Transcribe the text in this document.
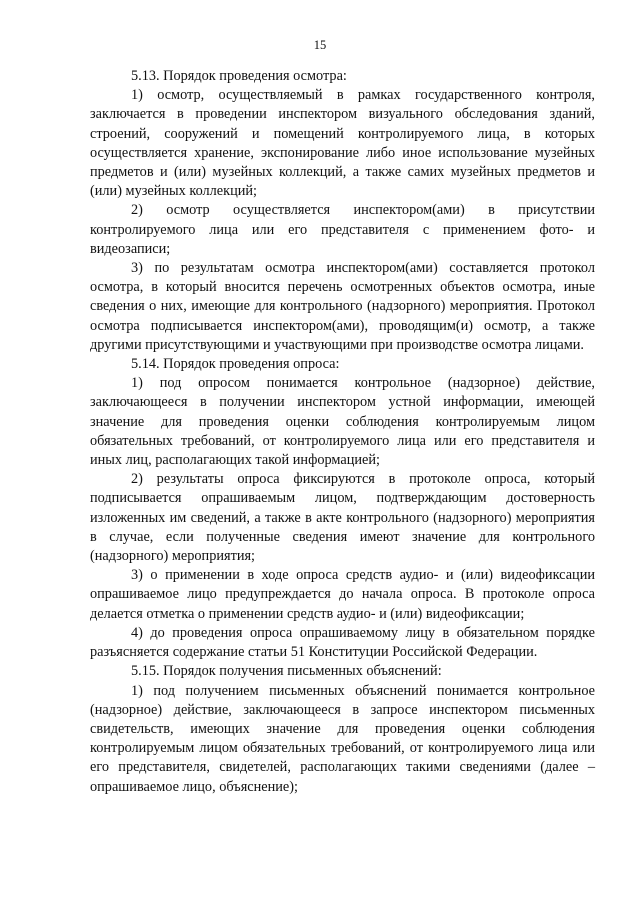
15

5.13. Порядок проведения осмотра:

1) осмотр, осуществляемый в рамках государственного контроля, заключается в проведении инспектором визуального обследования зданий, строений, сооружений и помещений контролируемого лица, в которых осуществляется хранение, экспонирование либо иное использование музейных предметов и (или) музейных коллекций, а также самих музейных предметов и (или) музейных коллекций;

2) осмотр осуществляется инспектором(ами) в присутствии контролируемого лица или его представителя с применением фото- и видеозаписи;

3) по результатам осмотра инспектором(ами) составляется протокол осмотра, в который вносится перечень осмотренных объектов осмотра, иные сведения о них, имеющие для контрольного (надзорного) мероприятия. Протокол осмотра подписывается инспектором(ами), проводящим(и) осмотр, а также другими присутствующими и участвующими при производстве осмотра лицами.

5.14. Порядок проведения опроса:

1) под опросом понимается контрольное (надзорное) действие, заключающееся в получении инспектором устной информации, имеющей значение для проведения оценки соблюдения контролируемым лицом обязательных требований, от контролируемого лица или его представителя и иных лиц, располагающих такой информацией;

2) результаты опроса фиксируются в протоколе опроса, который подписывается опрашиваемым лицом, подтверждающим достоверность изложенных им сведений, а также в акте контрольного (надзорного) мероприятия в случае, если полученные сведения имеют значение для контрольного (надзорного) мероприятия;

3) о применении в ходе опроса средств аудио- и (или) видеофиксации опрашиваемое лицо предупреждается до начала опроса. В протоколе опроса делается отметка о применении средств аудио- и (или) видеофиксации;

4) до проведения опроса опрашиваемому лицу в обязательном порядке разъясняется содержание статьи 51 Конституции Российской Федерации.

5.15. Порядок получения письменных объяснений:

1) под получением письменных объяснений понимается контрольное (надзорное) действие, заключающееся в запросе инспектором письменных свидетельств, имеющих значение для проведения оценки соблюдения контролируемым лицом обязательных требований, от контролируемого лица или его представителя, свидетелей, располагающих такими сведениями (далее – опрашиваемое лицо, объяснение);
